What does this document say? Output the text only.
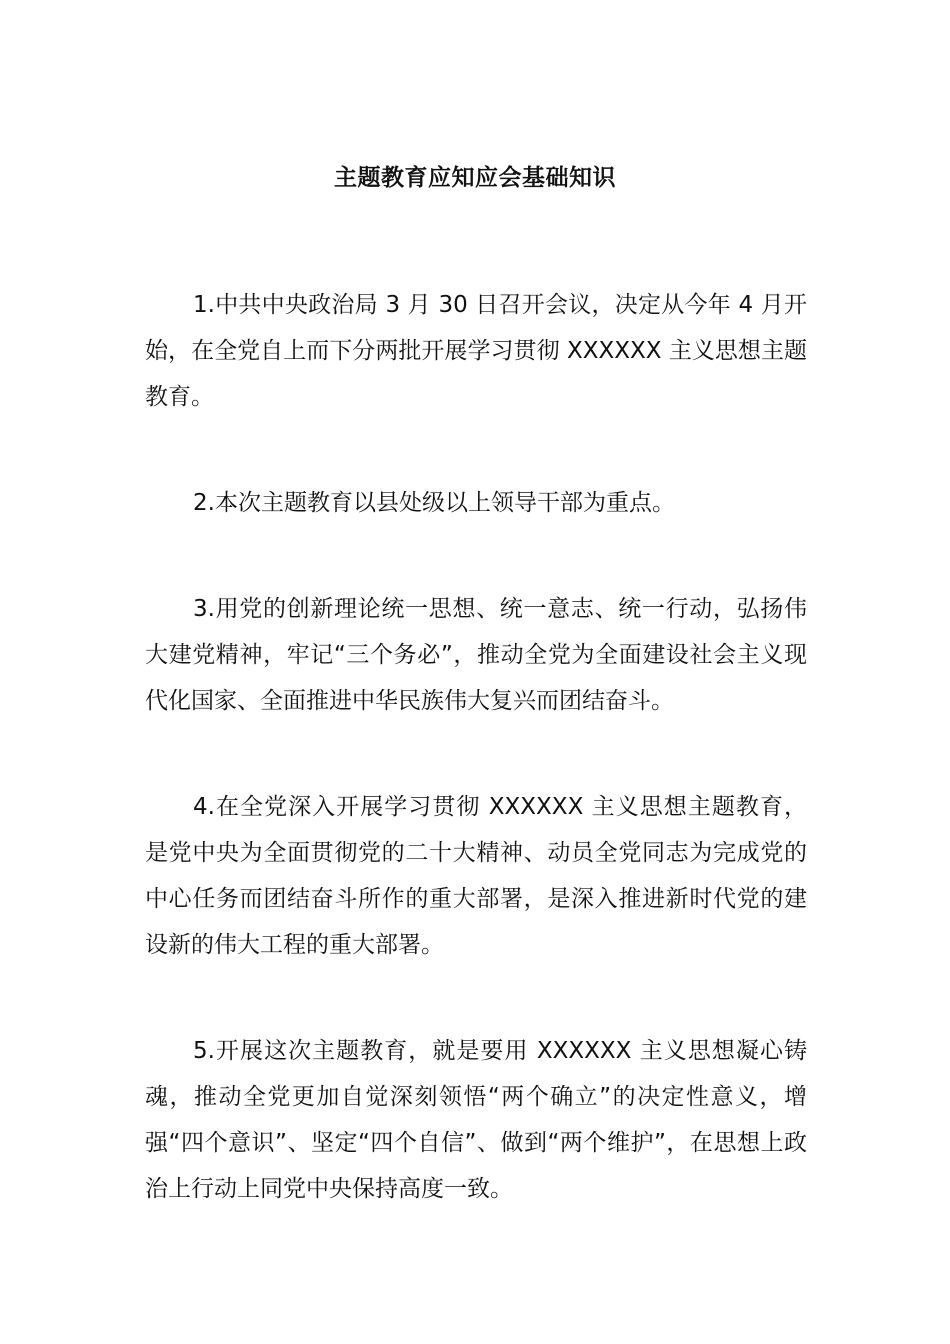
主题教育应知应会基础知识

1.中共中央政治局 3 月 30 日召开会议，决定从今年 4 月开始，在全党自上而下分两批开展学习贯彻 XXXXXX 主义思想主题教育。

2.本次主题教育以县处级以上领导干部为重点。

3.用党的创新理论统一思想、统一意志、统一行动，弘扬伟大建党精神，牢记“三个务必”，推动全党为全面建设社会主义现代化国家、全面推进中华民族伟大复兴而团结奋斗。

4.在全党深入开展学习贯彻 XXXXXX 主义思想主题教育，是党中央为全面贯彻党的二十大精神、动员全党同志为完成党的中心任务而团结奋斗所作的重大部署，是深入推进新时代党的建设新的伟大工程的重大部署。

5.开展这次主题教育，就是要用 XXXXXX 主义思想凝心铸魂，推动全党更加自觉深刻领悟“两个确立”的决定性意义，增强“四个意识”、坚定“四个自信”、做到“两个维护”，在思想上政治上行动上同党中央保持高度一致。
